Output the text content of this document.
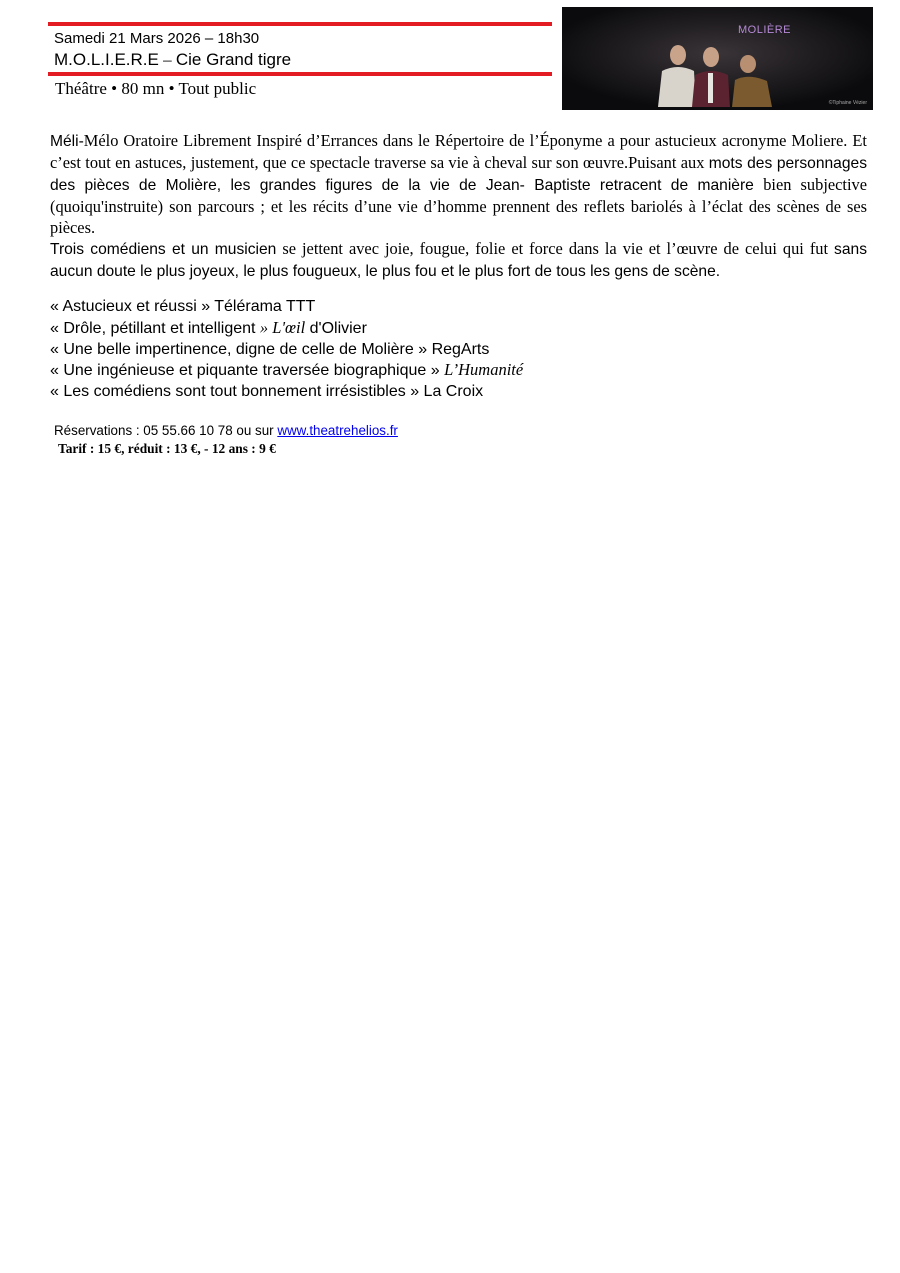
Samedi 21 Mars 2026 – 18h30
M.O.L.I.E.R.E – Cie Grand tigre
Théâtre • 80 mn • Tout public
MOLIÈRE
©Tiphaine Vézier

Méli-Mélo Oratoire Librement Inspiré d’Errances dans le Répertoire de l’Éponyme a pour astucieux acronyme Moliere. Et c’est tout en astuces, justement, que ce spectacle traverse sa vie à cheval sur son œuvre.Puisant aux mots des personnages des pièces de Molière, les grandes figures de la vie de Jean- Baptiste retracent de manière bien subjective (quoiqu'instruite) son parcours ; et les récits d’une vie d’homme prennent des reflets bariolés à l’éclat des scènes de ses pièces.

Trois comédiens et un musicien se jettent avec joie, fougue, folie et force dans la vie et l’œuvre de celui qui fut sans aucun doute le plus joyeux, le plus fougueux, le plus fou et le plus fort de tous les gens de scène.

« Astucieux et réussi » Télérama TTT
« Drôle, pétillant et intelligent » L'œil d'Olivier
« Une belle impertinence, digne de celle de Molière » RegArts
« Une ingénieuse et piquante traversée biographique » L’Humanité
« Les comédiens sont tout bonnement irrésistibles » La Croix
Réservations : 05 55.66 10 78 ou sur www.theatrehelios.fr
Tarif : 15 €, réduit : 13 €, - 12 ans : 9 €
